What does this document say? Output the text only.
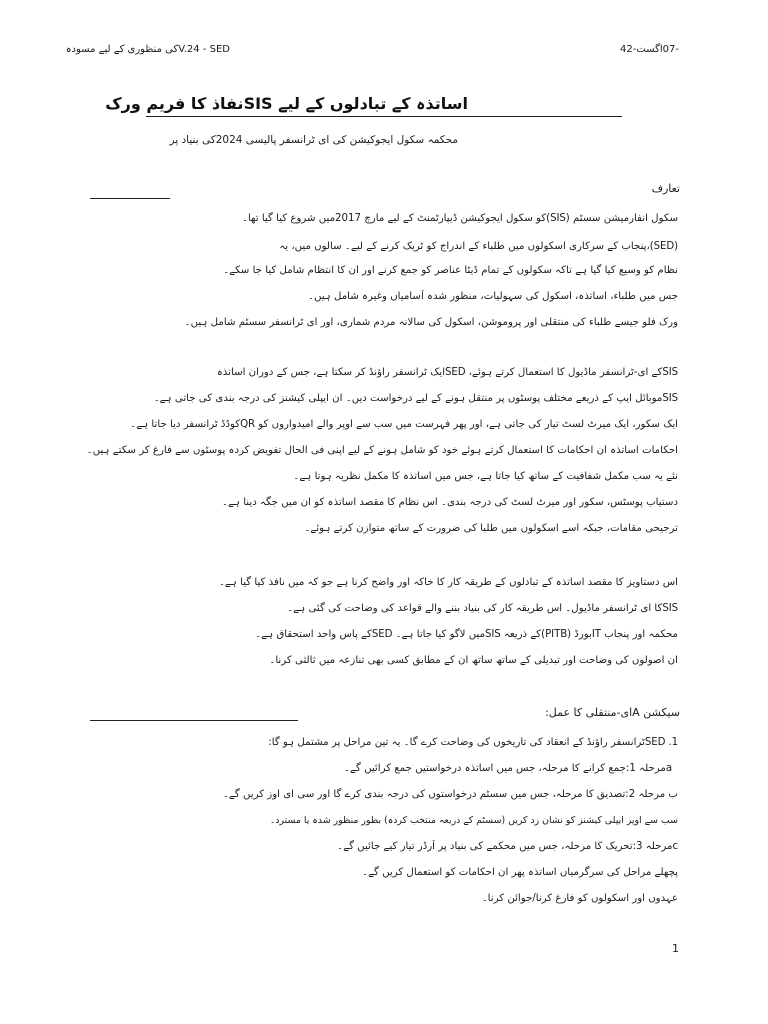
V.24 - SEDکی منظوری کے لیے مسودہ	-07اگست-42
اساتذہ کے تبادلوں کے لیے SISنفاذ کا فریم ورک
محکمہ سکول ایجوکیشن کی ای ٹرانسفر پالیسی 2024کی بنیاد پر
تعارف
سکول انفارمیشن سسٹم (SIS)کو سکول ایجوکیشن ڈیپارٹمنٹ کے لیے مارچ 2017میں شروع کیا گیا تھا۔
(SED)،پنجاب کے سرکاری اسکولوں میں طلباء کے اندراج کو ٹریک کرنے کے لیے۔ سالوں میں، یہ
نظام کو وسیع کیا گیا ہے تاکہ سکولوں کے تمام ڈیٹا عناصر کو جمع کرنے اور ان کا انتظام شامل کیا جا سکے۔
جس میں طلباء، اساتذہ، اسکول کی سہولیات، منظور شدہ آسامیاں وغیرہ شامل ہیں۔
ورک فلو جیسے طلباء کی منتقلی اور پروموشن، اسکول کی سالانہ مردم شماری، اور ای ٹرانسفر سسٹم شامل ہیں۔
SISکے ای-ٹرانسفر ماڈیول کا استعمال کرتے ہوئے، SEDایک ٹرانسفر راؤنڈ کر سکتا ہے، جس کے دوران اساتذہ
SISموبائل ایپ کے ذریعے مختلف پوسٹوں پر منتقل ہونے کے لیے درخواست دیں۔ ان ایپلی کیشنز کی درجہ بندی کی جاتی ہے۔
ایک سکور، ایک میرٹ لسٹ تیار کی جاتی ہے، اور پھر فہرست میں سب سے اوپر والے امیدواروں کو QRکوڈڈ ٹرانسفر دیا جاتا ہے۔
احکامات اساتذہ ان احکامات کا استعمال کرتے ہوئے خود کو شامل ہونے کے لیے اپنی فی الحال تفویض کردہ پوسٹوں سے فارغ کر سکتے ہیں۔
نئے یہ سب مکمل شفافیت کے ساتھ کیا جاتا ہے، جس میں اساتذہ کا مکمل نظریہ ہوتا ہے۔
دستیاب پوسٹس، سکور اور میرٹ لسٹ کی درجہ بندی۔ اس نظام کا مقصد اساتذہ کو ان میں جگہ دینا ہے۔
ترجیحی مقامات، جبکہ اسے اسکولوں میں طلبا کی ضرورت کے ساتھ متوازن کرتے ہوئے۔
اس دستاویز کا مقصد اساتذہ کے تبادلوں کے طریقہ کار کا خاکہ اور واضح کرنا ہے جو کہ میں نافذ کیا گیا ہے۔
SISکا ای ٹرانسفر ماڈیول۔ اس طریقہ کار کی بنیاد بننے والے قواعد کی وضاحت کی گئی ہے۔
محکمہ اور پنجاب ITبورڈ (PITB)کے ذریعہ SISمیں لاگو کیا جاتا ہے۔ SEDکے پاس واحد استحقاق ہے۔
ان اصولوں کی وضاحت اور تبدیلی کے ساتھ ساتھ ان کے مطابق کسی بھی تنازعہ میں ثالثی کرنا۔
سیکشن Aای-منتقلی کا عمل:
1. SEDٹرانسفر راؤنڈ کے انعقاد کی تاریخوں کی وضاحت کرے گا۔ یہ تین مراحل پر مشتمل ہو گا:
aمرحلہ 1:جمع کرانے کا مرحلہ، جس میں اساتذہ درخواستیں جمع کرائیں گے۔
ب مرحلہ 2:تصدیق کا مرحلہ، جس میں سسٹم درخواستوں کی درجہ بندی کرے گا اور سی ای اوز کریں گے۔
سب سے اوپر ایپلی کیشنز کو نشان زد کریں (سسٹم کے ذریعہ منتخب کردہ) بطور منظور شدہ یا مسترد۔
cمرحلہ 3:تحریک کا مرحلہ، جس میں محکمے کی بنیاد پر آرڈر تیار کیے جائیں گے۔
پچھلے مراحل کی سرگرمیاں اساتذہ پھر ان احکامات کو استعمال کریں گے۔
عہدوں اور اسکولوں کو فارغ کرنا/جوائن کرنا۔
1
